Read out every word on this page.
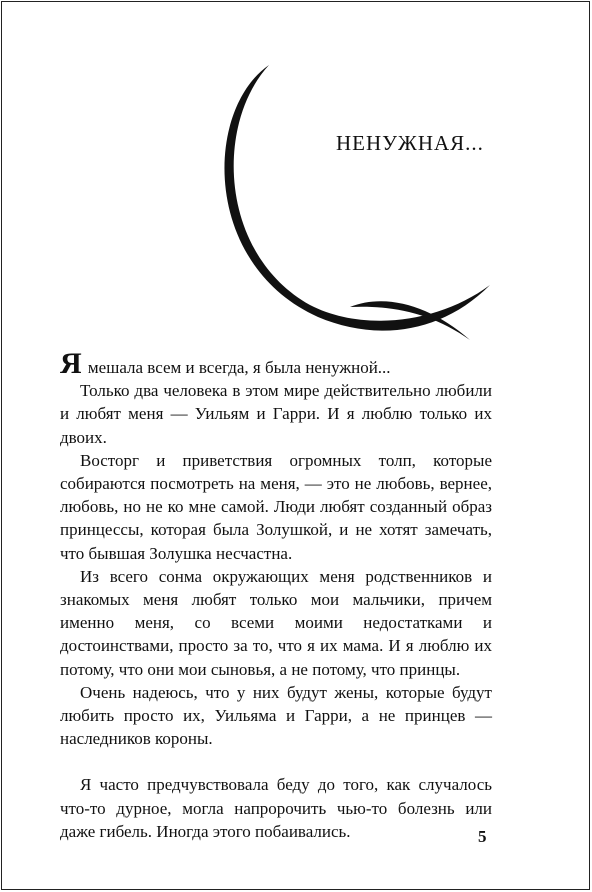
НЕНУЖНАЯ...

Я мешала всем и всегда, я была ненужной...

Только два человека в этом мире действительно любили и любят меня — Уильям и Гарри. И я люблю только их двоих.

Восторг и приветствия огромных толп, которые собираются посмотреть на меня, — это не любовь, вернее, любовь, но не ко мне самой. Люди любят созданный образ принцессы, которая была Золушкой, и не хотят замечать, что бывшая Золушка несчастна.

Из всего сонма окружающих меня родственников и знакомых меня любят только мои мальчики, причем именно меня, со всеми моими недостатками и достоинствами, просто за то, что я их мама. И я люблю их потому, что они мои сыновья, а не потому, что принцы.

Очень надеюсь, что у них будут жены, которые будут любить просто их, Уильяма и Гарри, а не принцев — наследников короны.

Я часто предчувствовала беду до того, как случалось что-то дурное, могла напророчить чью-то болезнь или даже гибель. Иногда этого побаивались.	5
